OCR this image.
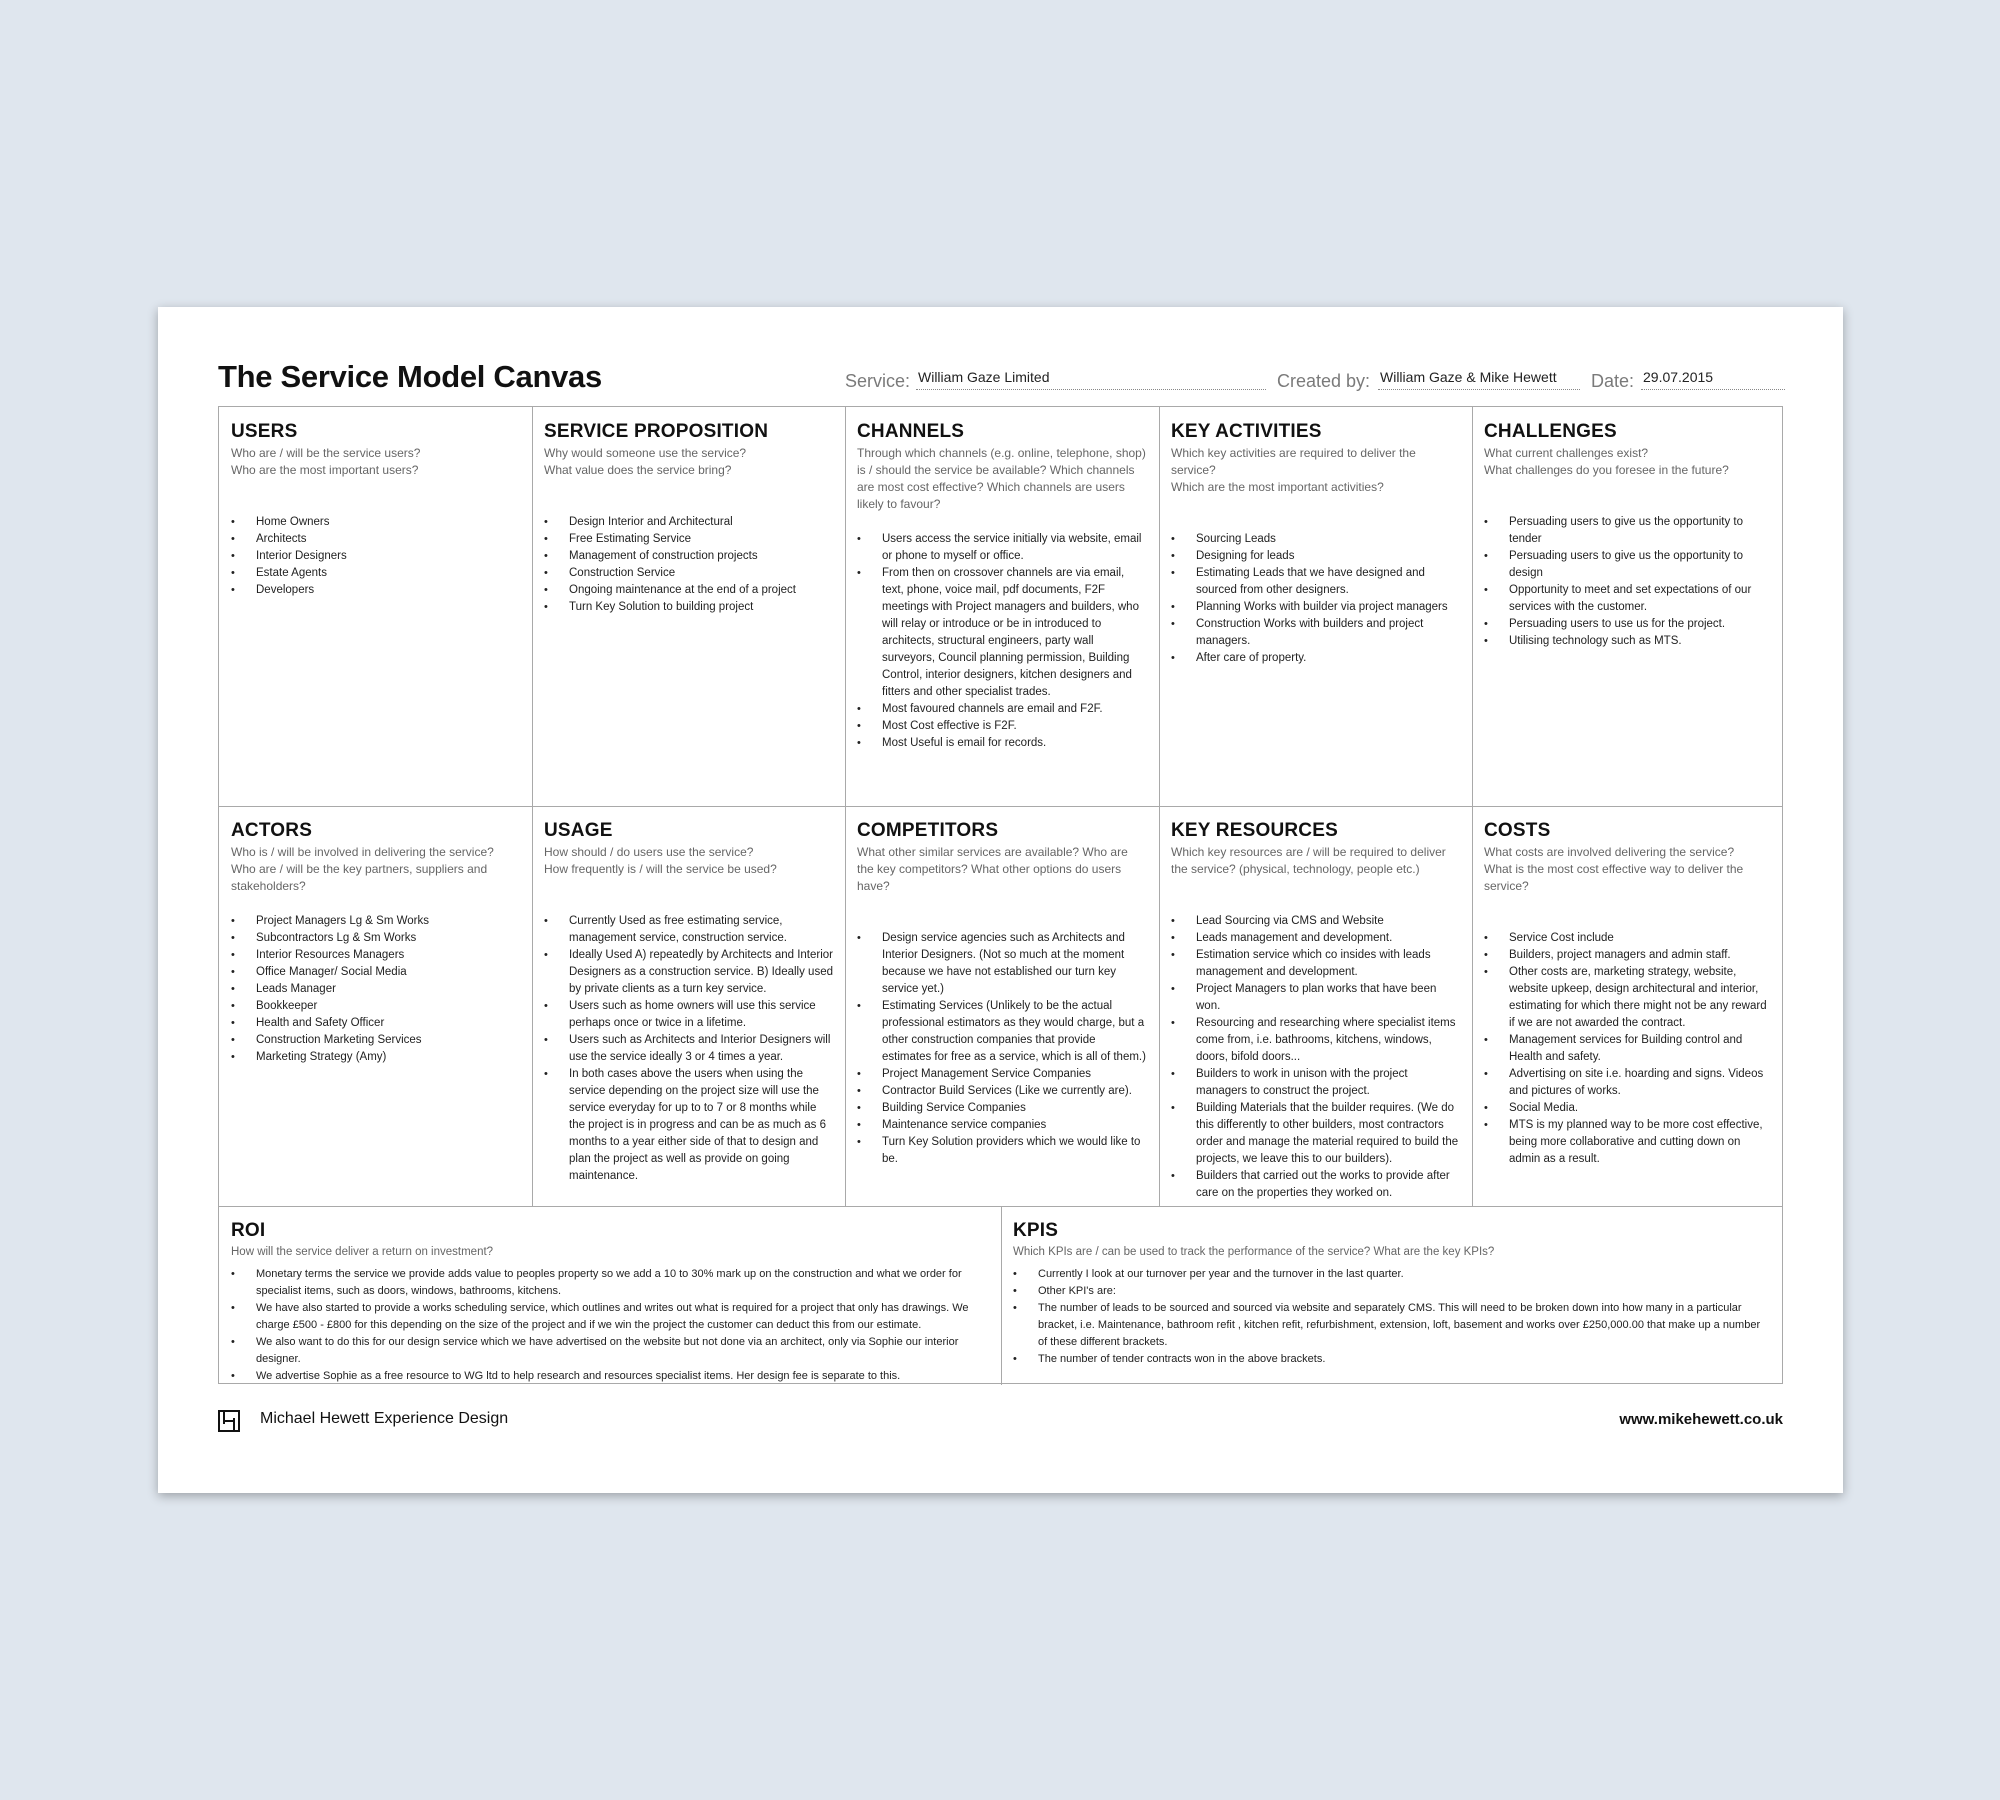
The Service Model Canvas	Service: William Gaze Limited	Created by: William Gaze & Mike Hewett	Date: 29.07.2015
USERS

Who are / will be the service users?
Who are the most important users?

• Home Owners
• Architects
• Interior Designers
• Estate Agents
• Developers
SERVICE PROPOSITION

Why would someone use the service?
What value does the service bring?

• Design Interior and Architectural
• Free Estimating Service
• Management of construction projects
• Construction Service
• Ongoing maintenance at the end of a project
• Turn Key Solution to building project
CHANNELS

Through which channels (e.g. online, telephone, shop) is / should the service be available? Which channels are most cost effective? Which channels are users likely to favour?

• Users access the service initially via website, email or phone to myself or office.
• From then on crossover channels are via email, text, phone, voice mail, pdf documents, F2F meetings with Project managers and builders, who will relay or introduce or be in introduced to architects, structural engineers, party wall surveyors, Council planning permission, Building Control, interior designers, kitchen designers and fitters and other specialist trades.
• Most favoured channels are email and F2F.
• Most Cost effective is F2F.
• Most Useful is email for records.
KEY ACTIVITIES

Which key activities are required to deliver the service?
Which are the most important activities?

• Sourcing Leads
• Designing for leads
• Estimating Leads that we have designed and sourced from other designers.
• Planning Works with builder via project managers
• Construction Works with builders and project managers.
• After care of property.
CHALLENGES

What current challenges exist?
What challenges do you foresee in the future?

• Persuading users to give us the opportunity to tender
• Persuading users to give us the opportunity to design
• Opportunity to meet and set expectations of our services with the customer.
• Persuading users to use us for the project.
• Utilising technology such as MTS.
ACTORS

Who is / will be involved in delivering the service?
Who are / will be the key partners, suppliers and stakeholders?

• Project Managers Lg & Sm Works
• Subcontractors Lg & Sm Works
• Interior Resources Managers
• Office Manager/ Social Media
• Leads Manager
• Bookkeeper
• Health and Safety Officer
• Construction Marketing Services
• Marketing Strategy (Amy)
USAGE

How should / do users use the service?
How frequently is / will the service be used?

• Currently Used as free estimating service, management service, construction service.
• Ideally Used A) repeatedly by Architects and Interior Designers as a construction service. B) Ideally used by private clients as a turn key service.
• Users such as home owners will use this service perhaps once or twice in a lifetime.
• Users such as Architects and Interior Designers will use the service ideally 3 or 4 times a year.
• In both cases above the users when using the service depending on the project size will use the service everyday for up to to 7 or 8 months while the project is in progress and can be as much as 6 months to a year either side of that to design and plan the project as well as provide on going maintenance.
COMPETITORS

What other similar services are available? Who are the key competitors? What other options do users have?

• Design service agencies such as Architects and Interior Designers. (Not so much at the moment because we have not established our turn key service yet.)
• Estimating Services (Unlikely to be the actual professional estimators as they would charge, but a other construction companies that provide estimates for free as a service, which is all of them.)
• Project Management Service Companies
• Contractor Build Services (Like we currently are).
• Building Service Companies
• Maintenance service companies
• Turn Key Solution providers which we would like to be.
KEY RESOURCES

Which key resources are / will be required to deliver the service? (physical, technology, people etc.)

• Lead Sourcing via CMS and Website
• Leads management and development.
• Estimation service which co insides with leads management and development.
• Project Managers to plan works that have been won.
• Resourcing and researching where specialist items come from, i.e. bathrooms, kitchens, windows, doors, bifold doors...
• Builders to work in unison with the project managers to construct the project.
• Building Materials that the builder requires. (We do this differently to other builders, most contractors order and manage the material required to build the projects, we leave this to our builders).
• Builders that carried out the works to provide after care on the properties they worked on.
COSTS

What costs are involved delivering the service?
What is the most cost effective way to deliver the service?

• Service Cost include
• Builders, project managers and admin staff.
• Other costs are, marketing strategy, website, website upkeep, design architectural and interior, estimating for which there might not be any reward if we are not awarded the contract.
• Management services for Building control and Health and safety.
• Advertising on site i.e. hoarding and signs. Videos and pictures of works.
• Social Media.
• MTS is my planned way to be more cost effective, being more collaborative and cutting down on admin as a result.
ROI

How will the service deliver a return on investment?

• Monetary terms the service we provide adds value to peoples property so we add a 10 to 30% mark up on the construction and what we order for specialist items, such as doors, windows, bathrooms, kitchens.
• We have also started to provide a works scheduling service, which outlines and writes out what is required for a project that only has drawings. We charge £500 - £800 for this depending on the size of the project and if we win the project the customer can deduct this from our estimate.
• We also want to do this for our design service which we have advertised on the website but not done via an architect, only via Sophie our interior designer.
• We advertise Sophie as a free resource to WG ltd to help research and resources specialist items. Her design fee is separate to this.
KPIS

Which KPIs are / can be used to track the performance of the service? What are the key KPIs?

• Currently I look at our turnover per year and the turnover in the last quarter.
• Other KPI's are:
• The number of leads to be sourced and sourced via website and separately CMS. This will need to be broken down into how many in a particular bracket, i.e. Maintenance, bathroom refit , kitchen refit, refurbishment, extension, loft, basement and works over £250,000.00 that make up a number of these different brackets.
• The number of tender contracts won in the above brackets.
Michael Hewett Experience Design	www.mikehewett.co.uk
